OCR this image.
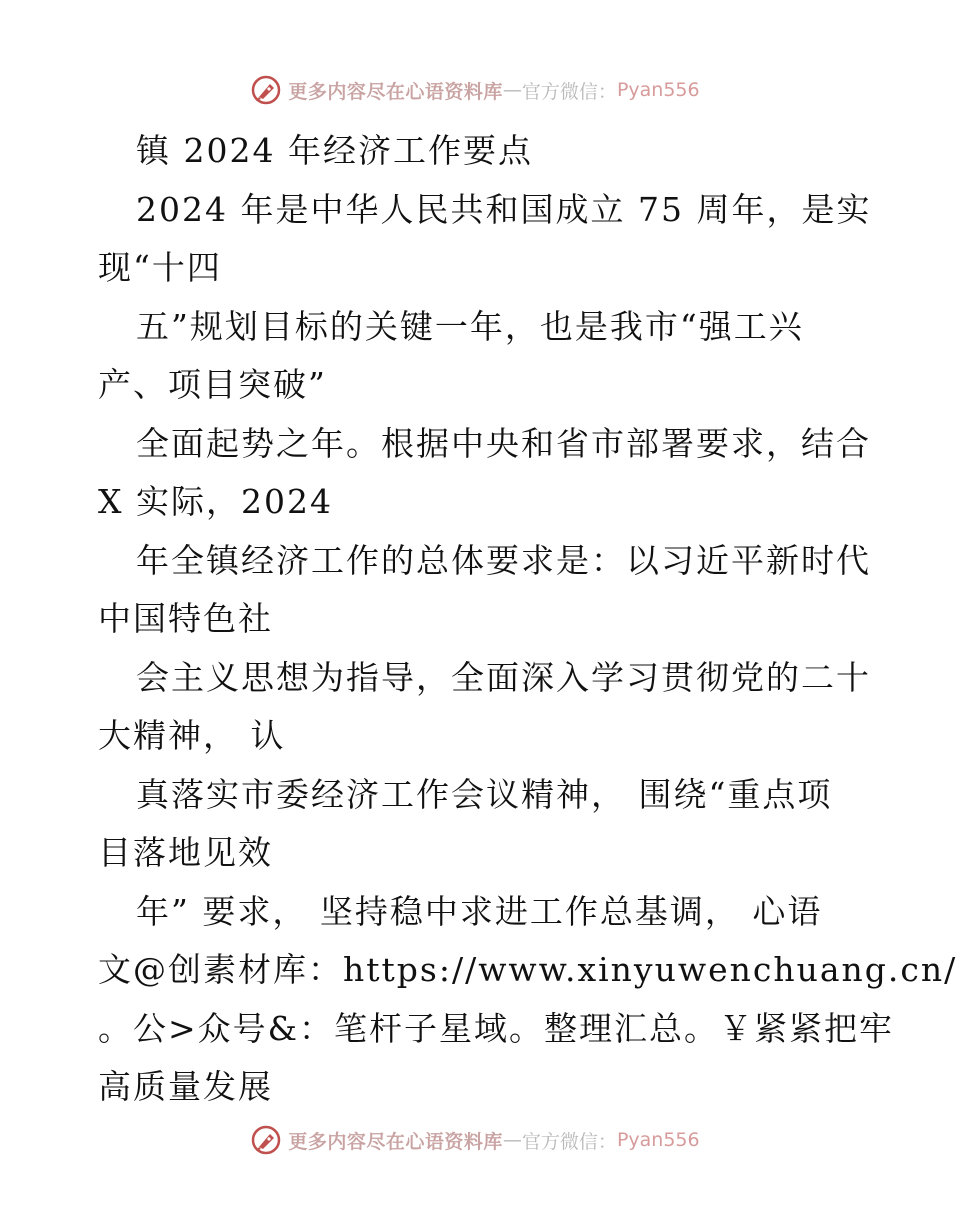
更多内容尽在心语资料库 — 官方微信： Pyan556
镇 2024 年经济工作要点
2024 年是中华人民共和国成立 75 周年，是实
现“十四
五”规划目标的关键一年，也是我市“强工兴
产、项目突破”
全面起势之年。根据中央和省市部署要求，结合
X 实际，2024
年全镇经济工作的总体要求是：以习近平新时代
中国特色社
会主义思想为指导，全面深入学习贯彻党的二十
大精神， 认
真落实市委经济工作会议精神， 围绕“重点项
目落地见效
年” 要求， 坚持稳中求进工作总基调， 心语
文@创素材库：https://www.xinyuwenchuang.cn/
。公>众号&：笔杆子星域。整理汇总。￥紧紧把牢
高质量发展
更多内容尽在心语资料库 — 官方微信： Pyan556
